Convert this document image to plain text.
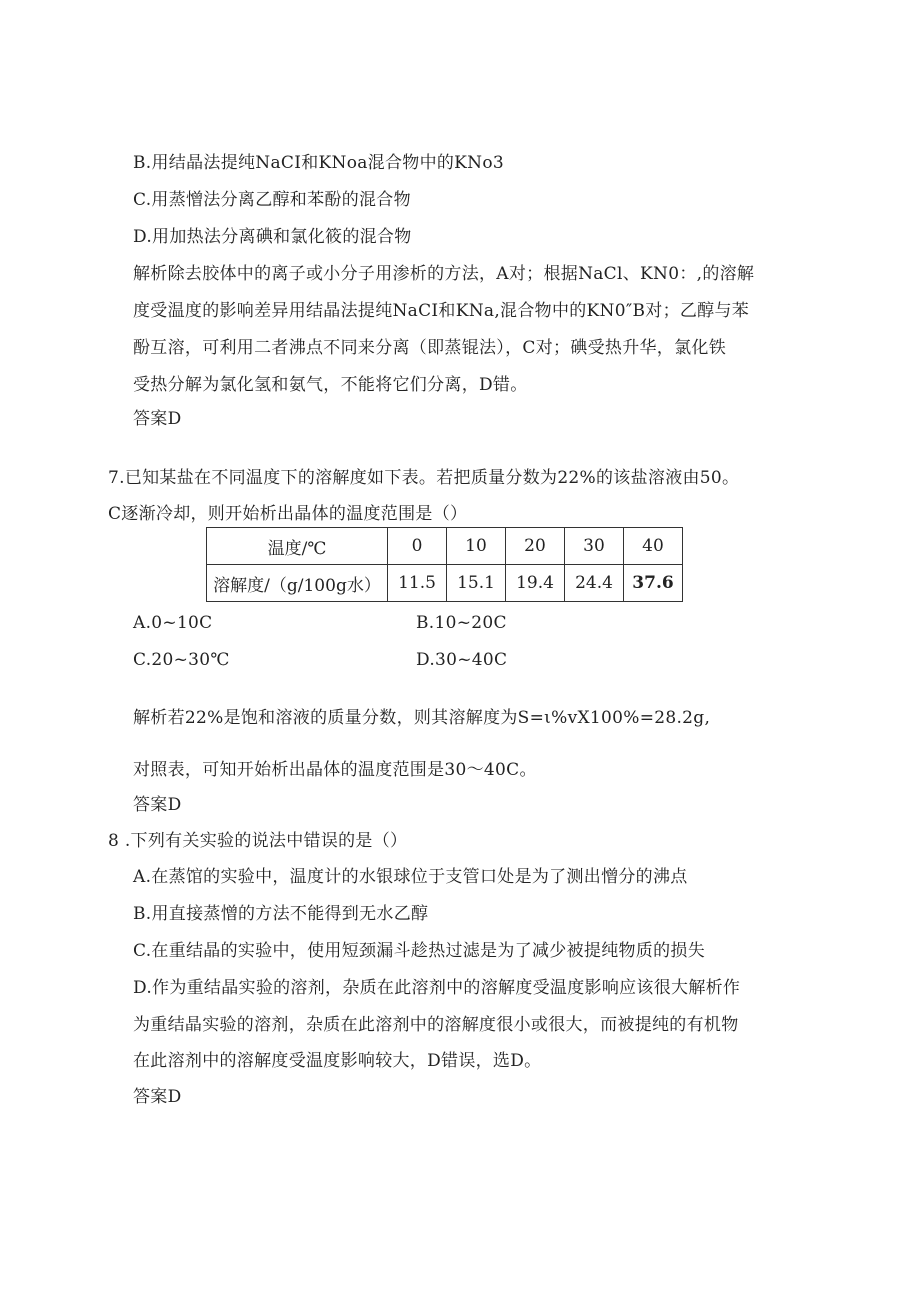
B.用结晶法提纯NaCI和KNoa混合物中的KNo3
C.用蒸憎法分离乙醇和苯酚的混合物
D.用加热法分离碘和氯化筱的混合物
解析除去胶体中的离子或小分子用渗析的方法，A对；根据NaCl、KN0：,的溶解
度受温度的影响差异用结晶法提纯NaCI和KNa,混合物中的KN0″B对；乙醇与苯
酚互溶，可利用二者沸点不同来分离（即蒸锟法），C对；碘受热升华，氯化铁
受热分解为氯化氢和氨气，不能将它们分离，D错。
答案D
7.已知某盐在不同温度下的溶解度如下表。若把质量分数为22%的该盐溶液由50。
C逐渐冷却，则开始析出晶体的温度范围是（）
温度/℃	0	10	20	30	40
溶解度/（g/100g水）	11.5	15.1	19.4	24.4	37.6
A.0~10C	B.10~20C
C.20~30℃	D.30~40C
解析若22%是饱和溶液的质量分数，则其溶解度为S=ι%vX100%=28.2g,
对照表，可知开始析出晶体的温度范围是30～40C。
答案D
8 .下列有关实验的说法中错误的是（）
A.在蒸馆的实验中，温度计的水银球位于支管口处是为了测出憎分的沸点
B.用直接蒸憎的方法不能得到无水乙醇
C.在重结晶的实验中，使用短颈漏斗趁热过滤是为了减少被提纯物质的损失
D.作为重结晶实验的溶剂，杂质在此溶剂中的溶解度受温度影响应该很大解析作
为重结晶实验的溶剂，杂质在此溶剂中的溶解度很小或很大，而被提纯的有机物
在此溶剂中的溶解度受温度影响较大，D错误，选D。
答案D
